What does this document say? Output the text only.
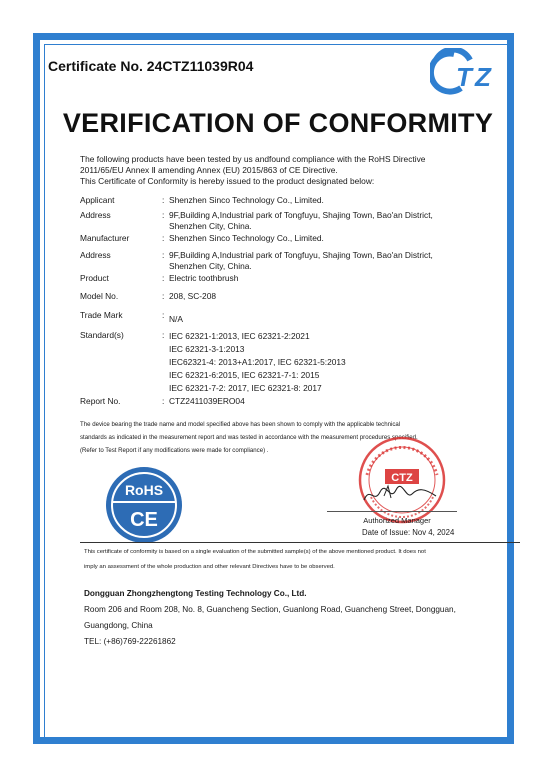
Certificate No. 24CTZ11039R04	T Z
VERIFICATION OF CONFORMITY

The following products have been tested by us andfound compliance with the RoHS Directive

2011/65/EU Annex Ⅱ amending Annex (EU) 2015/863 of CE Directive.

This Certificate of Conformity is hereby issued to the product designated below:

Applicant	: Shenzhen Sinco Technology Co., Limited.
Address	: 9F,Building A,Industrial park of Tongfuyu, Shajing Town, Bao'an District,
Shenzhen City, China.
Manufacturer	: Shenzhen Sinco Technology Co., Limited.
Address	: 9F,Building A,Industrial park of Tongfuyu, Shajing Town, Bao'an District,
Shenzhen City, China.
Product	: Electric toothbrush
Model No.	: 208, SC-208
Trade Mark	: N/A
Standard(s)	: IEC 62321-1:2013, IEC 62321-2:2021
IEC 62321-3-1:2013
IEC62321-4: 2013+A1:2017, IEC 62321-5:2013
IEC 62321-6:2015, IEC 62321-7-1: 2015
IEC 62321-7-2: 2017, IEC 62321-8: 2017
Report No.	: CTZ2411039ERO04

The device bearing the trade name and model specified above has been shown to comply with the applicable technical

standards as indicated in the measurement report and was tested in accordance with the measurement procedures specified.

(Refer to Test Report if any modifications were made for compliance) .

RoHS
CE
CTZ
Authorized Manager
Date of Issue: Nov 4, 2024

This certificate of conformity is based on a single evaluation of the submitted sample(s) of the above mentioned product. It does not

imply an assessment of the whole production and other relevant Directives have to be observed.

Dongguan Zhongzhengtong Testing Technology Co., Ltd.

Room 206 and Room 208, No. 8, Guancheng Section, Guanlong Road, Guancheng Street, Dongguan,

Guangdong, China

TEL: (+86)769-22261862
